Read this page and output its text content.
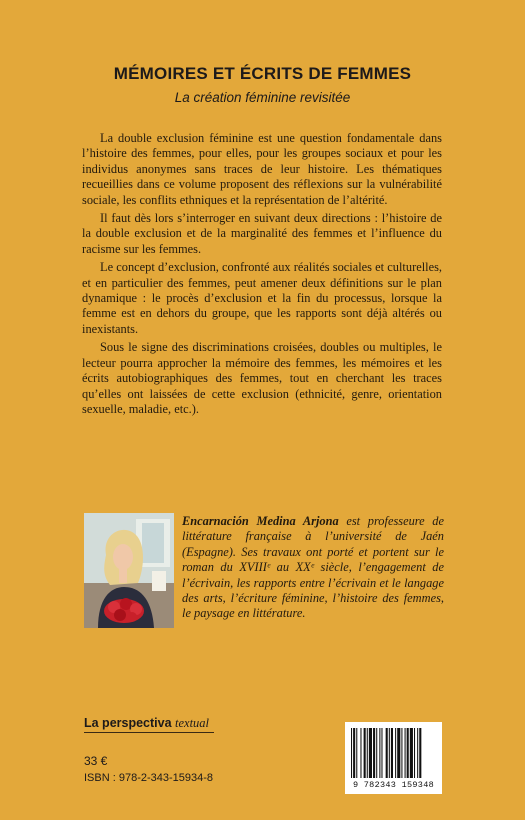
MÉMOIRES ET ÉCRITS DE FEMMES
La création féminine revisitée

La double exclusion féminine est une question fondamentale dans l’histoire des femmes, pour elles, pour les groupes sociaux et pour les individus anonymes sans traces de leur histoire. Les thématiques recueillies dans ce volume proposent des réflexions sur la vulnérabilité sociale, les conflits ethniques et la représentation de l’altérité.

Il faut dès lors s’interroger en suivant deux directions : l’histoire de la double exclusion et de la marginalité des femmes et l’influence du racisme sur les femmes.

Le concept d’exclusion, confronté aux réalités sociales et culturelles, et en particulier des femmes, peut amener deux définitions sur le plan dynamique : le procès d’exclusion et la fin du processus, lorsque la femme est en dehors du groupe, que les rapports sont déjà altérés ou inexistants.

Sous le signe des discriminations croisées, doubles ou multiples, le lecteur pourra approcher la mémoire des femmes, les mémoires et les écrits autobiographiques des femmes, tout en cherchant les traces qu’elles ont laissées de cette exclusion (ethnicité, genre, orientation sexuelle, maladie, etc.).

Encarnación Medina Arjona est professeure de littérature française à l’université de Jaén (Espagne). Ses travaux ont porté et portent sur le roman du XVIIIᵉ au XXᵉ siècle, l’engagement de l’écrivain, les rapports entre l’écrivain et le langage des arts, l’écriture féminine, l’histoire des femmes, le paysage en littérature.
La perspectiva textual
33 €
ISBN : 978-2-343-15934-8
9 782343 159348
